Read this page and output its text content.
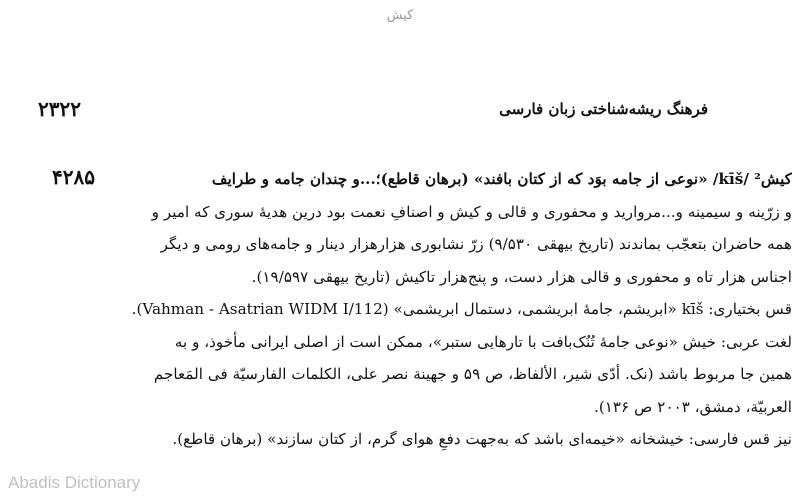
کیش
فرهنگ ریشه‌شناختی زبان فارسی
۲۳۲۲
۴۲۸۵	کیش² /kīš/ «نوعی از جامه بوَد که از کتان بافند» (برهان قاطع)؛...و چندان جامه و طرایف
و زرّینه و سیمینه و...مروارید و محفوری و قالی و کیش و اصنافِ نعمت بود درین هدیهٔ سوری که امیر و
همه حاضران بتعجّب بماندند (تاریخ بیهقی ۹/۵۳۰) زرّ نشابوری هزارهزار دینار و جامه‌های رومی و دیگر
اجناس هزار تاه و محفوری و قالی هزار دست، و پنج‌هزار تاکیش (تاریخ بیهقی ۱۹/۵۹۷).
قس بختیاری: kīš «ابریشم، جامهٔ ابریشمی، دستمال ابریشمی» (Vahman - Asatrian WIDM I/112).
لغت عربی: خیش «نوعی جامهٔ تُنُک‌بافت با تارهایی ستبر»، ممکن است از اصلی ایرانی مأخوذ، و به
همین جا مربوط باشد (نک. أدّی شیر، الألفاظ، ص ۵۹ و جهینة نصر علی، الکلمات الفارسیّة فی المَعاجم
العربیّة، دمشق، ۲۰۰۳ ص ۱۳۶).
نیز قس فارسی: خیشخانه «خیمه‌ای باشد که به‌جهت دفعِ هوای گرم، از کتان سازند» (برهان قاطع).
Abadis Dictionary
